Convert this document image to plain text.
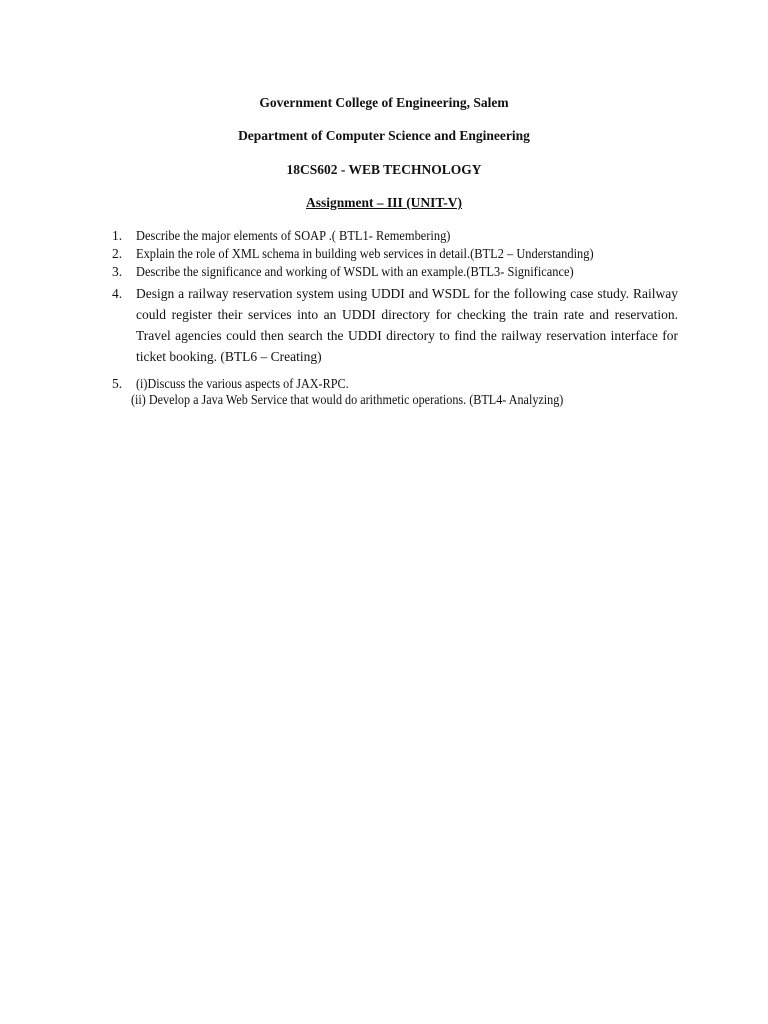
Government College of Engineering, Salem
Department of Computer Science and Engineering
18CS602 - WEB TECHNOLOGY
Assignment – III (UNIT-V)
1. Describe the major elements of SOAP .( BTL1- Remembering)
2. Explain the role of XML schema in building web services in detail.(BTL2 – Understanding)
3. Describe the significance and working of WSDL with an example.(BTL3- Significance)
4. Design a railway reservation system using UDDI and WSDL for the following case study. Railway could register their services into an UDDI directory for checking the train rate and reservation. Travel agencies could then search the UDDI directory to find the railway reservation interface for ticket booking. (BTL6 – Creating)
5. (i)Discuss the various aspects of JAX-RPC.
(ii) Develop a Java Web Service that would do arithmetic operations. (BTL4- Analyzing)
